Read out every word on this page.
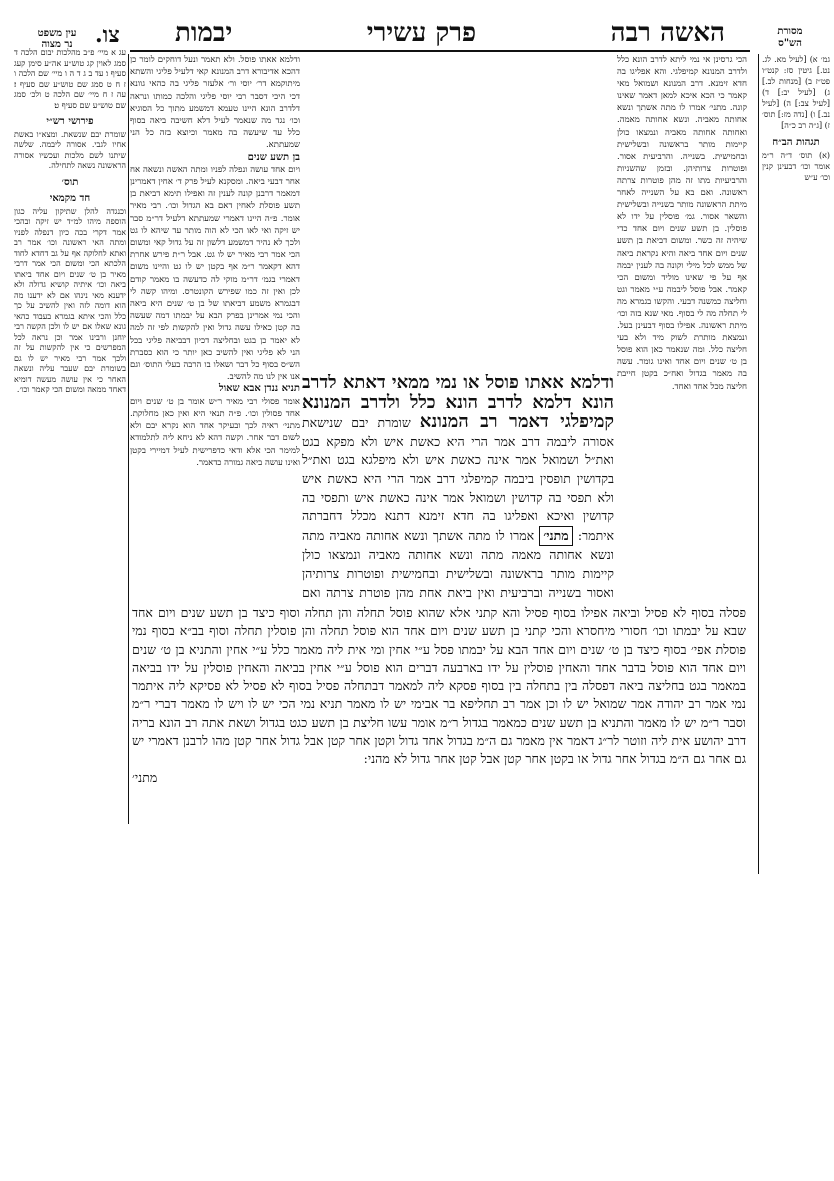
צו.	האשה רבה
פרק עשירי
יבמות
עין משפט
נר מצוה
מסורת
הש"ס
עג א מיי׳ פ״ב מהלכות יבום הלכה ד סמג לאוין קג טוש״ע אה״ע סימן קעג סעיף ו׃ עד ב ג ד ה ו מיי׳ שם הלכה ו ז ח ט סמג שם טוש״ע שם סעיף ז׃ עה ז ח מיי׳ שם הלכה ט ולכ׳ סמג שם טוש״ע שם סעיף ט׃
פירושי רש״י
שומרת יבם שנשאת. ומצא״ו באשת אחיו לגבי. אסורה ליבמה. שלשה שיתנו לשם מלכות ועכשיו אסורה הראשונה נשאה לתחילה.
תוס׳
חד מקמאי
וכנגדה להלן שתיקון עליה כגון הוספה מיהו למ״ד יש זיקה ובהכי אמר דקרי בכה כיון דנפלה לפניו ומתה האי ראשונה וכו׳ אמר רב ואתא לחלוקה אף על גב דחדא לחוד הלכתא הכי ומשום הכי אמר דרבי מאיר בן ט׳ שנים ויום אחד ביאתו ביאה וכו׳ איתיה קושיא גדולה ולא ידענא מאי נינהו אם לא ידענו מה הוא דומה לזה ואין להשיב על כך כלל והכי איתא בגמרא בעבוד כהאי גונא שאלו אם יש לו ולכן הקשה רבי יוחנן ורבינו אמר וכן נראה לכל המפרשים כי אין להקשות על זה ולכך אמר רבי מאיר יש לו גם בשומרת יבם שעבר עליה ונשאה האחר כי אין עושה מעשה דומיא דאחד ממאה ומשום הכי קאמר וכו׳.
גמ׳ א) [לעיל מא. לג. נט.] גיטין סז: קנט״ו פט״ז ב) [מנחות לב.] ג) [לעיל יב:] ד) [לעיל צב:] ה) [לעיל נב.] ו) [נדה מז:] תוס׳ ז) [ג״ה רב כ״ה]
תגהות הב״ח
(א) תוס׳ ד״ה ר״מ אומר וכו׳ דבעינן קנין וכו׳ ע״ש
הכי גרסינן אי נמי ליתא לדרב הונא כלל ולדרב המנונא קמיפלגי. והא אפליגו בה חדא זימנא. דרב המנונא ושמואל מאי קאמר כי הכא איכא למאן דאמר שאינו קונה. מתני׳ אמרו לו מתה אשתך ונשא אחותה מאביה. ונשא אחותה מאמה. ואחותה אחותה מאביה ונמצאו כולן קיימות מותר בראשונה ובשלישית ובחמישית. בשנייה. והרביעית אסור. ופוטרות צרותיהן. ובזמן שהשניות והרביעיות מתו זה מהן פוטרות צרתה ראשונה. ואם בא על השנייה לאחר מיתת הראשונה מותר בשנייה ובשלישית והשאר אסור. גמ׳ פוסלין על ידו לא פוסלין. בן תשע שנים ויום אחד כדי שיהיה זה כשר. ומשום דביאת בן תשע שנים ויום אחד ביאה והיא נקראת ביאה של ממש לכל מילי וקונה בה לענין יבמה אף על פי שאינו מוליד ומשום הכי קאמר. אבל פוסל ליבמה ע״י מאמר וגט וחליצה כמשנה דבעי. והקשו בגמרא מה לי תחלה מה לי בסוף. מאי שנא בזה וכו׳ מיתת ראשונה. אפילו בסוף דבעינן בעל. ונמצאת מותרת לשוק מיד ולא בעי חליצה כלל. ומה שנאמר כאן הוא פוסל בן ט׳ שנים ויום אחד ואינו גומר. עשה בה מאמר בגדול ואח״כ בקטן חייבת חליצה מכל אחד ואחד.
ודלמא אאתו פוסל. ולא תאמר ונעל דוחקים לומר כן דהכא אדיבורא דרב המנונא קאי דלעיל פליגי והשתא מיתוקמא דר׳ יוסי ור׳ אלעזר פליגי בה כהאי גוונא דכי היכי דסבר רבי יוסי פליגי והלכה כמותו ונראה דלדרב הונא היינו טעמא דמשמע מתוך כל הסוגיא וכו׳ נגד מה שנאמר לעיל דלא חשיבה ביאה בסוף כלל עד שיעשה בה מאמר וכיוצא בזה כל הני שמעתתא.
בן תשע שנים
ויום אחד עושה ונפלה לפניו ומתה האשה ונשאה אח אחר דבעי ביאה. ומסקנא לעיל פרק ד׳ אחין דאמרינן דמאמר דרבנן קונה לענין זה ואפילו תימא דביאת בן תשע פוסלת לאחין דאם בא הגדול וכו׳. רבי מאיר אומר. פ״ה היינו דאמרי שמעתתא דלעיל דר״מ סבר יש זיקה ואי לאו הכי לא הוה מותר עד שיהא לו גט ולכך לא נהיר דמשמע דלשון זה על גדול קאי ומשום הכי אמר רבי מאיר יש לו גט. אבל ר״ת פירש אחרת דהא דקאמר ר״מ אף בקטן יש לו גט והיינו משום דאמרי בגמ׳ דר״מ מוקי לה כדעשה בו מאמר קודם לכן ואין זה כמו שפירש הקונטרס. ומיהו קשה לי דבגמרא משמע דביאתו של בן ט׳ שנים היא ביאה והכי נמי אמרינן בפרק הבא על יבמתו דמה שעשה בה קטן כאילו עשה גדול ואין להקשות לפי זה למה לא יאמר כן בגט ובחליצה דכיון דבביאה פליגי בכל הני לא פליגי ואין להשיב כאן יותר כי הוא כסברת הש״ס בסוף כל דבר ושאלו בו הרבה בעלי התוס׳ וגם אנו אין לנו מה להשיב.
תניא ננדן אבא שאול
אומר פסולי רבי מאיר ר״ש אומר בן ט׳ שנים ויום אחד פסולין וכו׳. פ״ה תנאי היא ואין כאן מחלוקת. מתני׳ ראיה לכך ובעיקר אחד הוא נקרא יבם ולא לשום דבר אחר. וקשה דהא לא ניחא ליה לתלמודא למימר הכי אלא ודאי כדפרישית לעיל דמיירי בקטן ואינו עושה ביאה גמורה כדאמר.
ודלמא אאתו פוסל או נמי ממאי דאתא לדרב הונא דלמא לדרב הונא כלל ולדרב המנונא קמיפלגי דאמר רב המנונא שומרת יבם שנישאת אסורה ליבמה דרב אמר הרי היא כאשת איש ולא מפקא בגט ואת״ל ושמואל אמר אינה כאשת איש ולא מיפלגא בגט ואת״ל בקדושין תופסין ביבמה קמיפלגי דרב אמר הרי היא כאשת איש ולא תפסי בה קדושין ושמואל אמר אינה כאשת איש ותפסי בה קדושין ואיכא ואפליגו בה חדא זימנא דתנא מכלל דחברתה איתמר: מתני׳ אמרו לו מתה אשתך ונשא אחותה מאביה מתה ונשא אחותה מאמה מתה ונשא אחותה מאביה ונמצאו כולן קיימות מותר בראשונה ובשלישית ובחמישית ופוטרות צרותיהן ואסור בשנייה וברביעית ואין ביאת אחת מהן פוטרת צרתה ואם
פסלה בסוף לא פסיל וביאה אפילו בסוף פסיל והא קתני אלא שהוא פוסל תחלה והן תחלה וסוף כיצד בן תשע שנים ויום אחד שבא על יבמתו וכו׳ חסורי מיחסרא והכי קתני בן תשע שנים ויום אחד הוא פוסל תחלה והן פוסלין תחלה וסוף בב״א בסוף נמי פוסלת אפי׳ בסוף כיצד בן ט׳ שנים ויום אחד הבא על יבמתו פסל ע״י אחין ומי אית ליה מאמר כלל ע״י אחין והתניא בן ט׳ שנים ויום אחד הוא פוסל בדבר אחד והאחין פוסלין על ידו בארבעה דברים הוא פוסל ע״י אחין בביאה והאחין פוסלין על ידו בביאה במאמר בגט בחליצה ביאה דפסלה בין בתחלה בין בסוף פסקא ליה למאמר דבתחלה פסיל בסוף לא פסיל לא פסיקא ליה איתמר נמי אמר רב יהודה אמר שמואל יש לו וכן אמר רב תחליפא בר אבימי יש לו מאמר תניא נמי הכי יש לו ויש לו מאמר דברי ר״מ וסבר ר״מ יש לו מאמר והתניא בן תשע שנים כמאמר בגדול ר״מ אומר עשו חליצת בן תשע כגט בגדול ושאת אתה רב הונא בריה דרב יהושע אית ליה וזוטר לר״ג דאמר אין מאמר גם ה״מ בגדול אחד גדול וקטן אחר קטן אבל גדול אחר קטן מהו לרבנן דאמרי יש גם אחר גם ה״מ בגדול אחר גדול או בקטן אחר קטן אבל קטן אחר גדול לא מהני:
מתני׳
